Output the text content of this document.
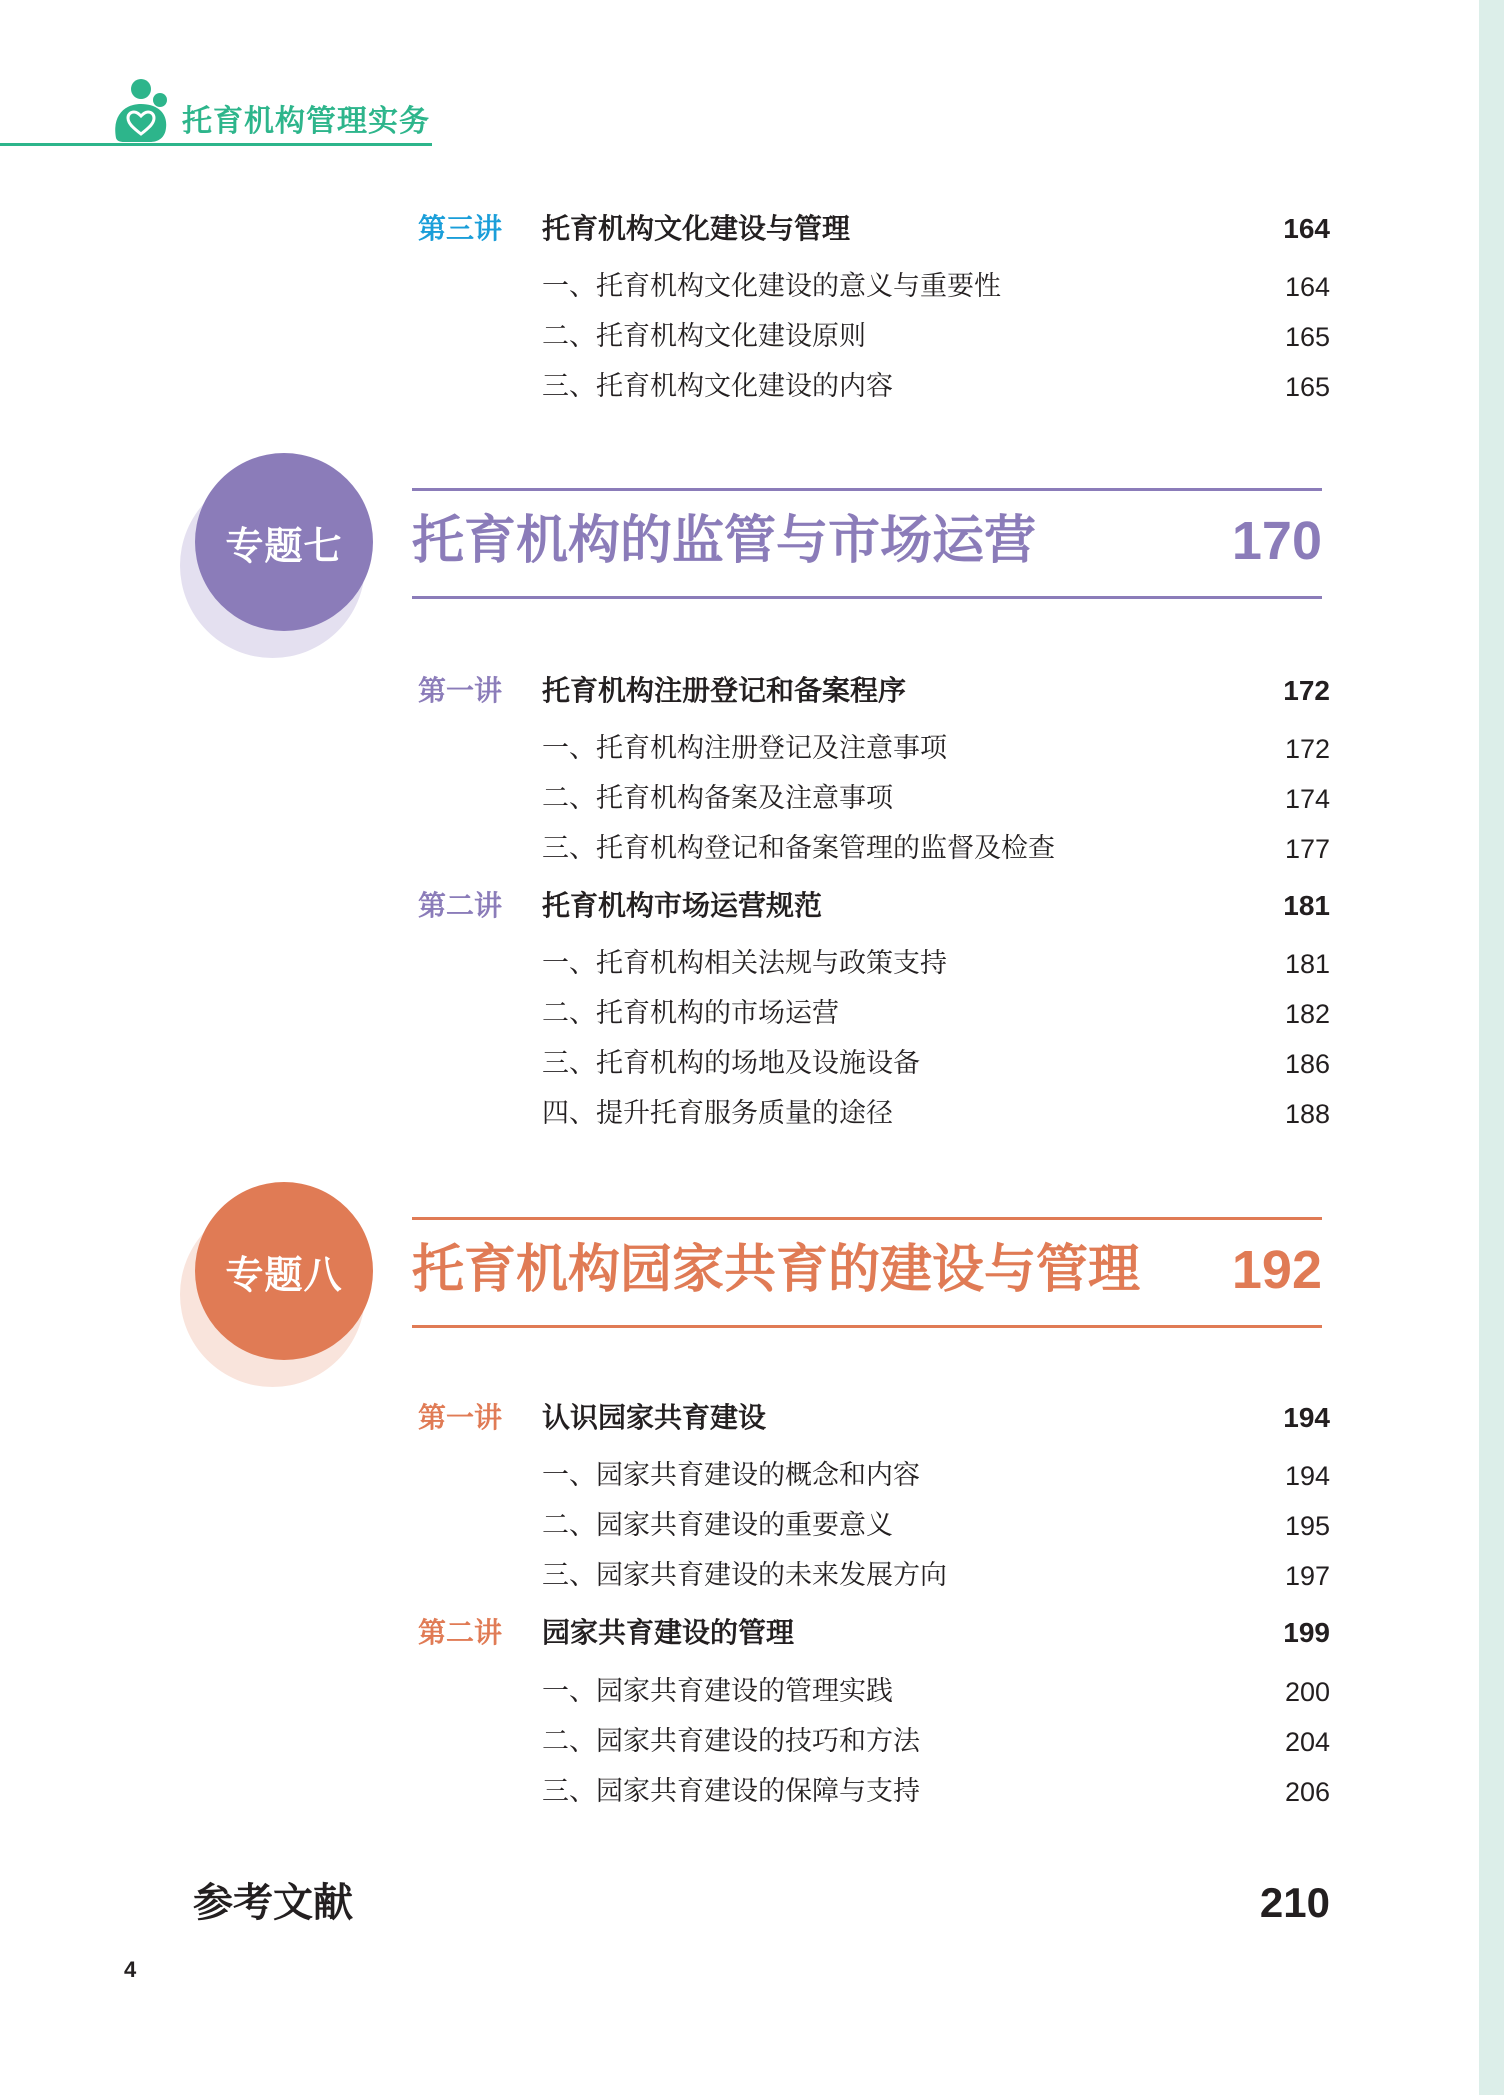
托育机构管理实务
第三讲 托育机构文化建设与管理	164
一、托育机构文化建设的意义与重要性	164
二、托育机构文化建设原则	165
三、托育机构文化建设的内容	165
专题七 托育机构的监管与市场运营	170
第一讲 托育机构注册登记和备案程序	172
一、托育机构注册登记及注意事项	172
二、托育机构备案及注意事项	174
三、托育机构登记和备案管理的监督及检查	177
第二讲 托育机构市场运营规范	181
一、托育机构相关法规与政策支持	181
二、托育机构的市场运营	182
三、托育机构的场地及设施设备	186
四、提升托育服务质量的途径	188
专题八 托育机构园家共育的建设与管理 192
第一讲 认识园家共育建设	194
一、园家共育建设的概念和内容	194
二、园家共育建设的重要意义	195
三、园家共育建设的未来发展方向	197
第二讲 园家共育建设的管理	199
一、园家共育建设的管理实践	200
二、园家共育建设的技巧和方法	204
三、园家共育建设的保障与支持	206
参考文献	210
4
